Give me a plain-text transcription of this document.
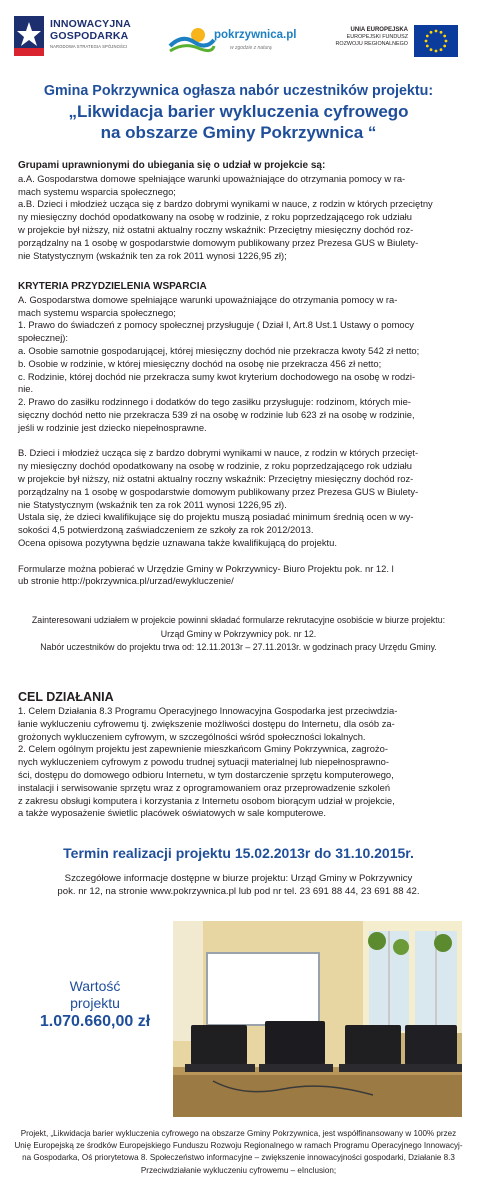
INNOWACYJNA
GOSPODARKA
NARODOWA STRATEGIA SPÓJNOŚCI
pokrzywnica.pl
w zgodzie z naturą
UNIA EUROPEJSKA
EUROPEJSKI FUNDUSZ
ROZWOJU REGIONALNEGO
Gmina Pokrzywnica ogłasza nabór uczestników projektu:
„Likwidacja barier wykluczenia cyfrowego
na obszarze Gminy Pokrzywnica “

Grupami uprawnionymi do ubiegania się o udział w projekcie są:

a.A. Gospodarstwa domowe spełniające warunki upoważniające do otrzymania pomocy w ra-

mach systemu wsparcia społecznego;

a.B. Dzieci i młodzież ucząca się z bardzo dobrymi wynikami w nauce, z rodzin w których przeciętny

ny miesięczny dochód opodatkowany na osobę w rodzinie, z roku poprzedzającego rok udziału

w projekcie był niższy, niż ostatni aktualny roczny wskaźnik: Przeciętny miesięczny dochód roz-

porządzalny na 1 osobę w gospodarstwie domowym publikowany przez Prezesa GUS w Biulety-

nie Statystycznym (wskaźnik ten za rok 2011 wynosi 1226,95 zł);

KRYTERIA PRZYDZIELENIA WSPARCIA

A. Gospodarstwa domowe spełniające warunki upoważniające do otrzymania pomocy w ra-

mach systemu wsparcia społecznego;

1. Prawo do świadczeń z pomocy społecznej przysługuje ( Dział I, Art.8 Ust.1 Ustawy o pomocy

społecznej):

a. Osobie samotnie gospodarującej, której miesięczny dochód nie przekracza kwoty 542 zł netto;

b. Osobie w rodzinie, w której miesięczny dochód na osobę nie przekracza 456 zł netto;

c. Rodzinie, której dochód nie przekracza sumy kwot kryterium dochodowego na osobę w rodzi-

nie.

2. Prawo do zasiłku rodzinnego i dodatków do tego zasiłku przysługuje: rodzinom, których mie-

sięczny dochód netto nie przekracza 539 zł na osobę w rodzinie lub 623 zł na osobę w rodzinie,

jeśli w rodzinie jest dziecko niepełnosprawne.

B. Dzieci i młodzież ucząca się z bardzo dobrymi wynikami w nauce, z rodzin w których przecięt-

ny miesięczny dochód opodatkowany na osobę w rodzinie, z roku poprzedzającego rok udziału

w projekcie był niższy, niż ostatni aktualny roczny wskaźnik: Przeciętny miesięczny dochód roz-

porządzalny na 1 osobę w gospodarstwie domowym publikowany przez Prezesa GUS w Biulety-

nie Statystycznym (wskaźnik ten za rok 2011 wynosi 1226,95 zł).

Ustala się, że dzieci kwalifikujące się do projektu muszą posiadać minimum średnią ocen w wy-

sokości 4,5 potwierdzoną zaświadczeniem ze szkoły za rok 2012/2013.

Ocena opisowa pozytywna będzie uznawana także kwalifikującą do projektu.

Formularze można pobierać w Urzędzie Gminy w Pokrzywnicy- Biuro Projektu pok. nr 12. l

ub stronie http://pokrzywnica.pl/urzad/ewykluczenie/

Zainteresowani udziałem w projekcie powinni składać formularze rekrutacyjne osobiście w biurze projektu:

Urząd Gminy w Pokrzywnicy pok. nr 12.

Nabór uczestników do projektu trwa od: 12.11.2013r – 27.11.2013r. w godzinach pracy Urzędu Gminy.

CEL DZIAŁANIA

1. Celem Działania 8.3 Programu Operacyjnego Innowacyjna Gospodarka jest przeciwdzia-

łanie wykluczeniu cyfrowemu tj. zwiększenie możliwości dostępu do Internetu, dla osób za-

grożonych wykluczeniem cyfrowym, w szczególności wśród społeczności lokalnych.

2. Celem ogólnym projektu jest zapewnienie mieszkańcom Gminy Pokrzywnica, zagrożo-

nych wykluczeniem cyfrowym z powodu trudnej sytuacji materialnej lub niepełnosprawno-

ści, dostępu do domowego odbioru Internetu, w tym dostarczenie sprzętu komputerowego,

instalacji i serwisowanie sprzętu wraz z oprogramowaniem oraz przeprowadzenie szkoleń

z zakresu obsługi komputera i korzystania z Internetu osobom biorącym udział w projekcie,

a także wyposażenie świetlic placówek oświatowych w sale komputerowe.

Termin realizacji projektu 15.02.2013r do 31.10.2015r.

Szczegółowe informacje dostępne w biurze projektu: Urząd Gminy w Pokrzywnicy

pok. nr 12, na stronie www.pokrzywnica.pl lub pod nr tel. 23 691 88 44, 23 691 88 42.

Wartość
projektu
1.070.660,00 zł

Projekt, „Likwidacja barier wykluczenia cyfrowego na obszarze Gminy Pokrzywnica, jest współfinansowany w 100% przez

Unię Europejską ze środków Europejskiego Funduszu Rozwoju Regionalnego w ramach Programu Operacyjnego Innowacyj-

na Gospodarka, Oś priorytetowa 8. Społeczeństwo informacyjne – zwiększenie innowacyjności gospodarki, Działanie 8.3

Przeciwdziałanie wykluczeniu cyfrowemu – eInclusion;
